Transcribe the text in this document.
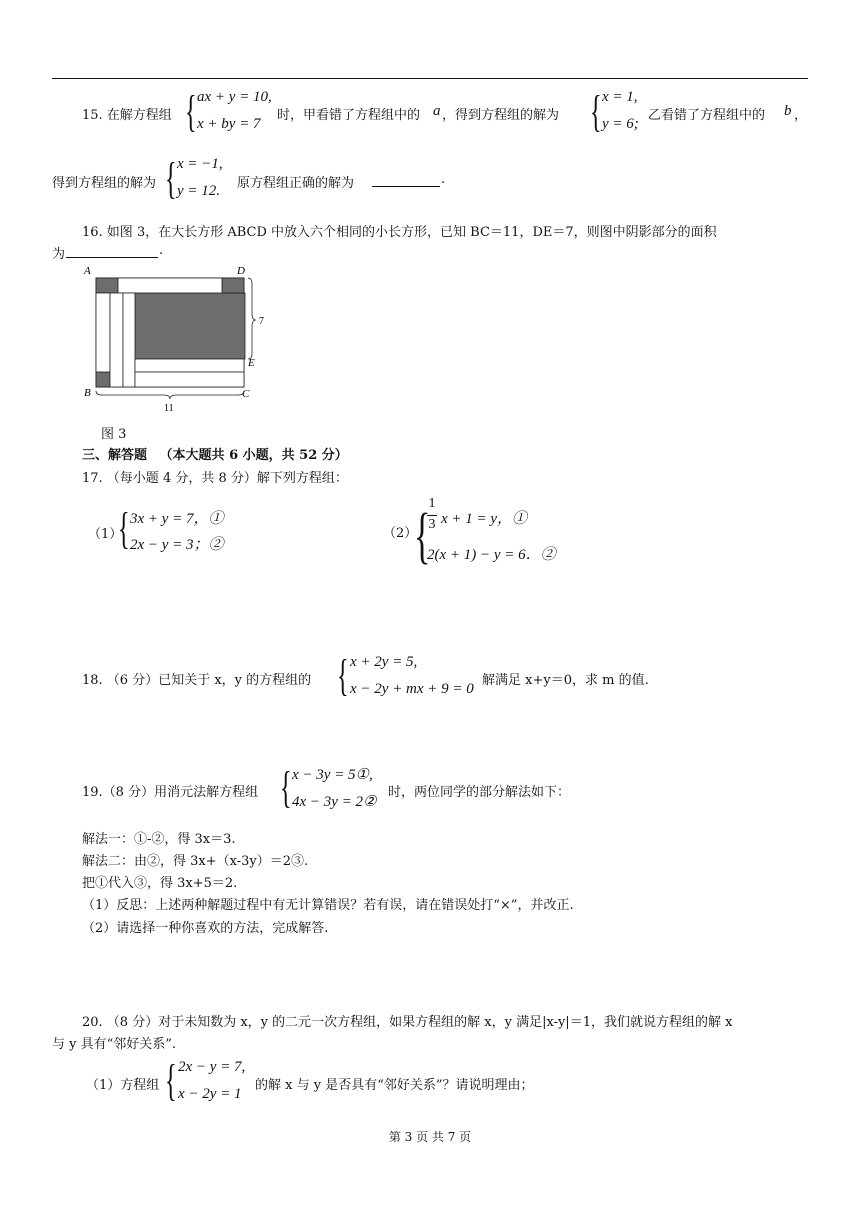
15. 在解方程组 { ax + y = 10,
x + by = 7
时，甲看错了方程组中的 a ，得到方程组的解为 { x = 1,
y = 6;
乙看错了方程组中的 b ，
得到方程组的解为 { x = −1,
y = 12. 原方程组正确的解为	.
16. 如图 3，在大长方形 ABCD 中放入六个相同的小长方形，已知 BC＝11，DE＝7，则图中阴影部分的面积
为	.
A	D
B	C
E
7
11
图 3
三、解答题 （本大题共 6 小题，共 52 分）
17. （每小题 4 分，共 8 分）解下列方程组：
（1）
{ 3x + y = 7，①
2x − y = 3；②
（2）
{
1
3 x + 1 = y，①
2(x + 1) − y = 6．②
18. （6 分）已知关于 x，y 的方程组的 { x + 2y = 5,
x − 2y + mx + 9 = 0
解满足 x+y＝0，求 m 的值.
19.（8 分）用消元法解方程组 { x − 3y = 5①,
4x − 3y = 2②
时，两位同学的部分解法如下：
解法一：①-②，得 3x＝3.
解法二：由②，得 3x+（x-3y）＝2③.
把①代入③，得 3x+5＝2.
（1）反思：上述两种解题过程中有无计算错误？若有误，请在错误处打“×”，并改正.
（2）请选择一种你喜欢的方法，完成解答.
20. （8 分）对于未知数为 x，y 的二元一次方程组，如果方程组的解 x，y 满足|x-y|＝1，我们就说方程组的解 x
与 y 具有“邻好关系”.
（1）方程组 { 2x − y = 7,
x − 2y = 1
的解 x 与 y 是否具有“邻好关系”？请说明理由；
第 3 页 共 7 页
